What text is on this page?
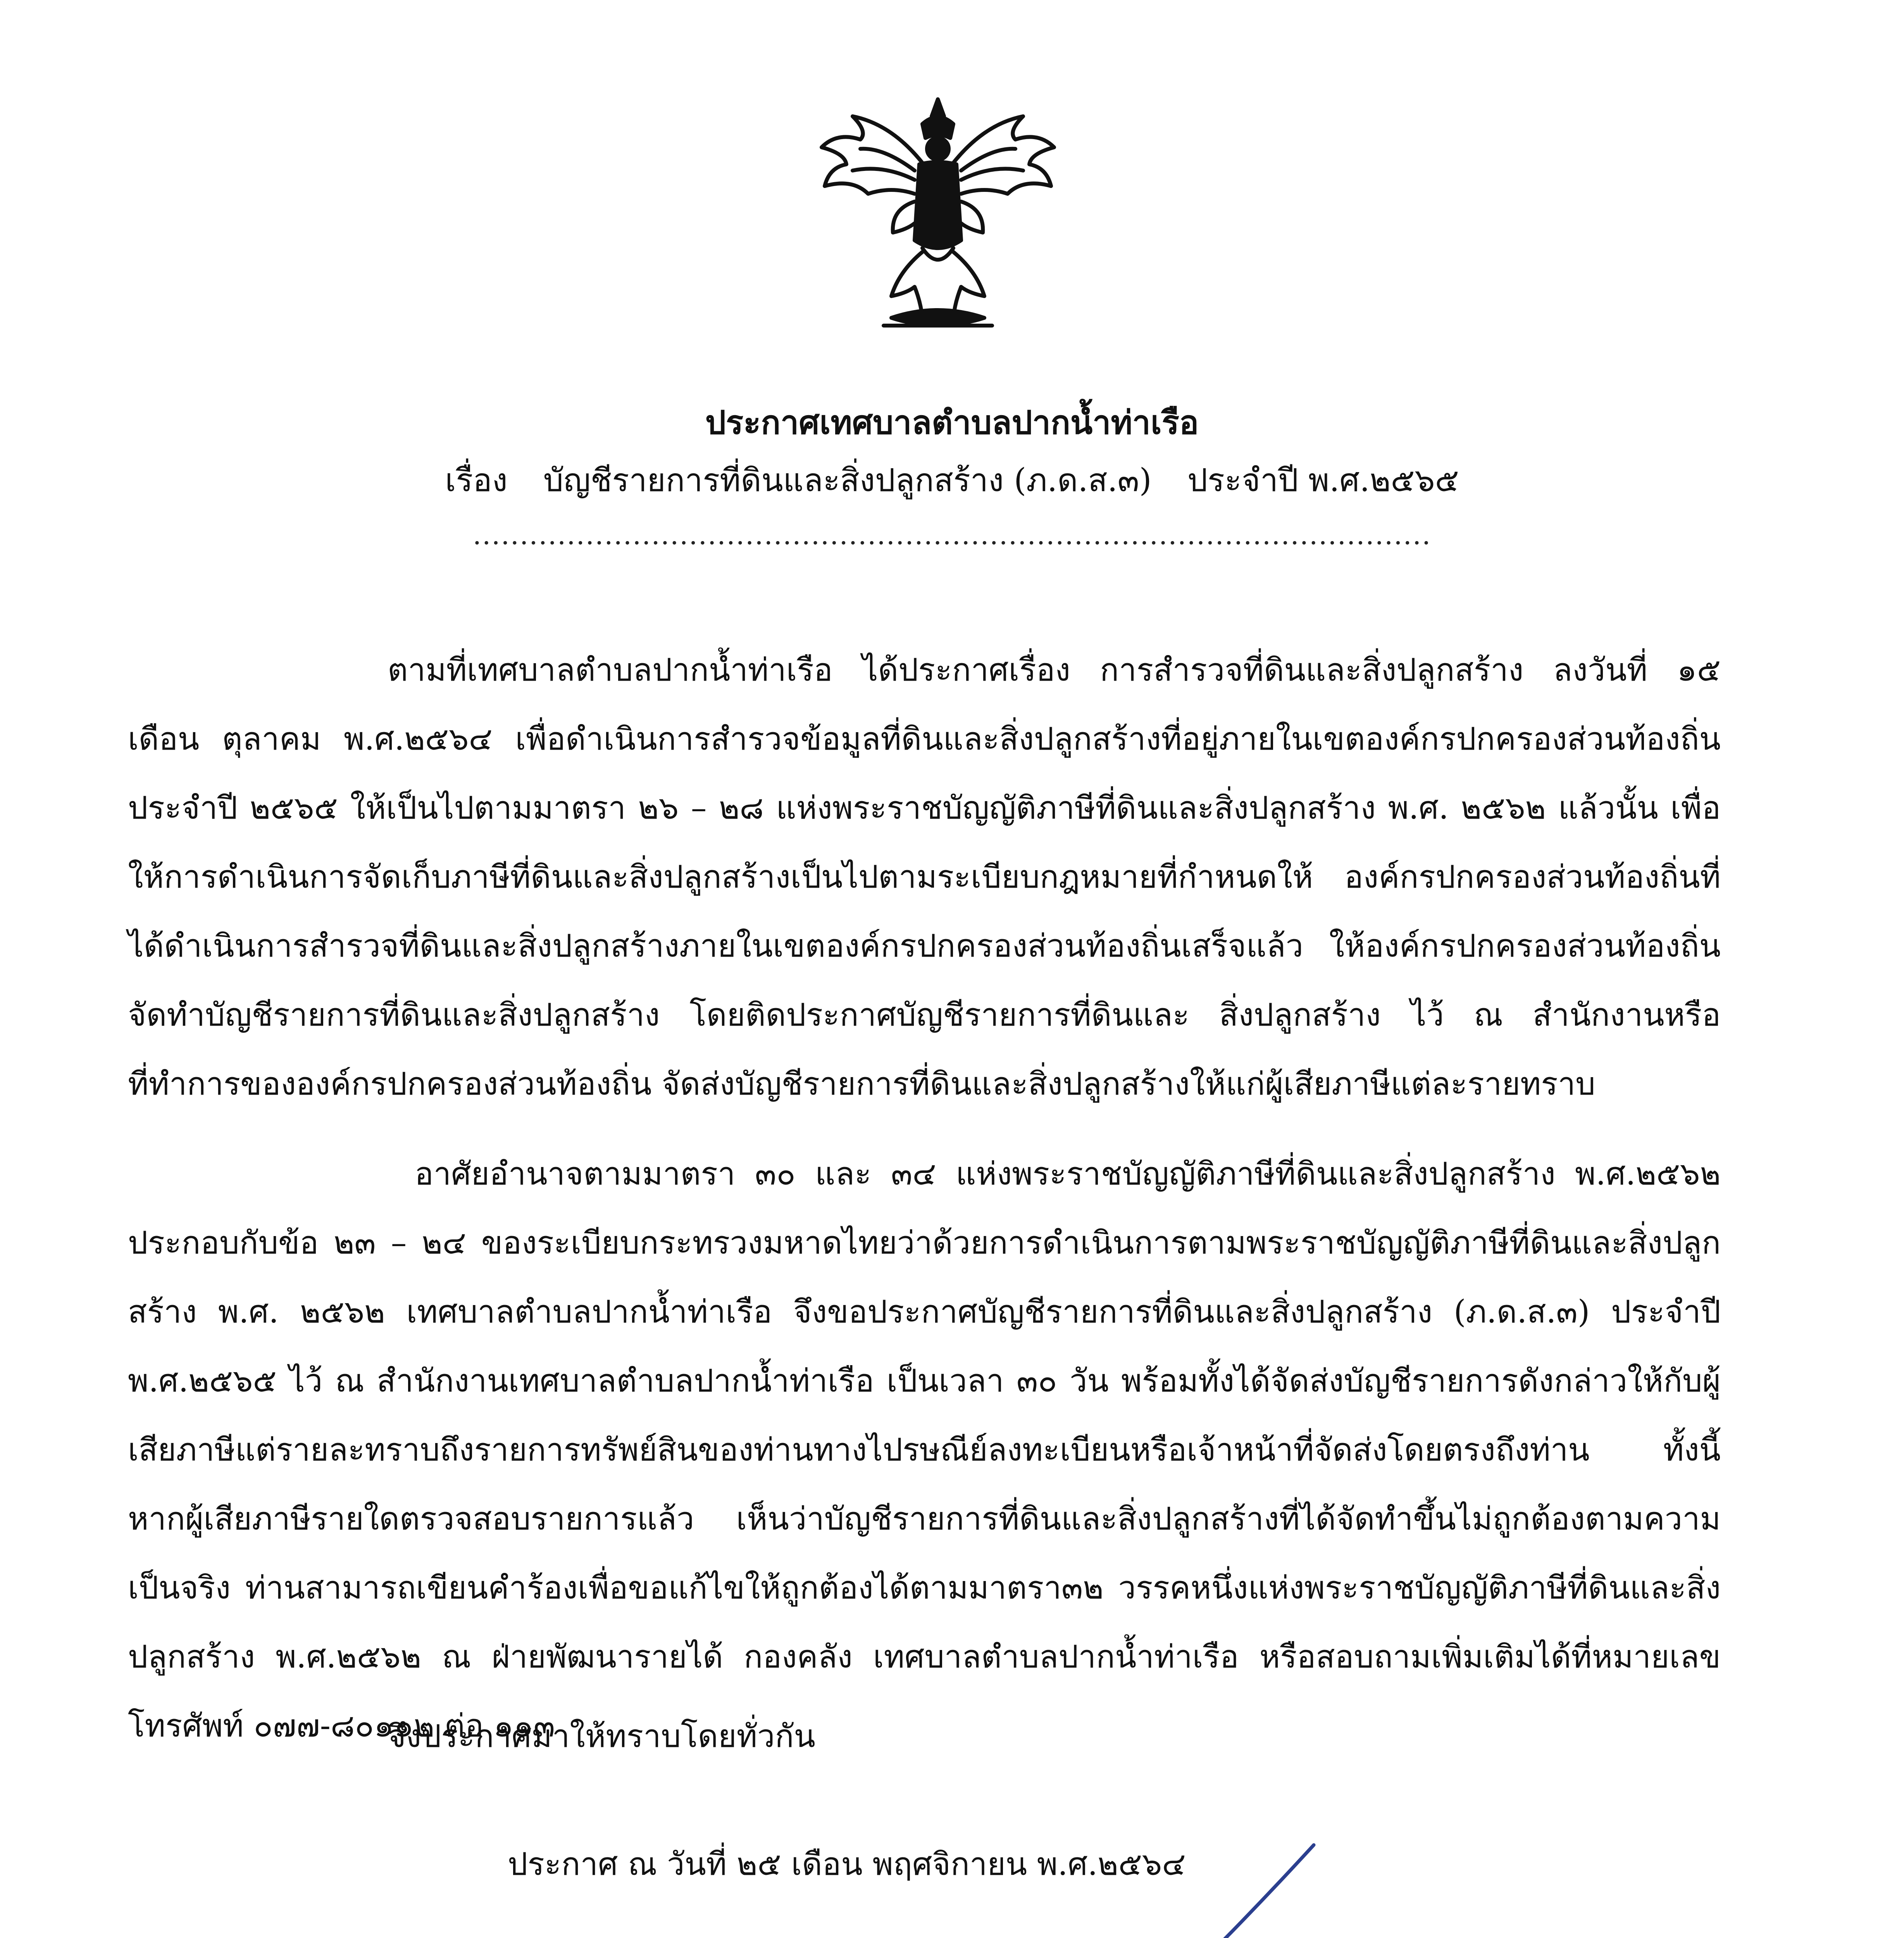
ประกาศเทศบาลตำบลปากน้ำท่าเรือ
เรื่อง บัญชีรายการที่ดินและสิ่งปลูกสร้าง (ภ.ด.ส.๓) ประจำปี พ.ศ.๒๕๖๕
......................................................................................................

ตามที่เทศบาลตำบลปากน้ำท่าเรือ ได้ประกาศเรื่อง การสำรวจที่ดินและสิ่งปลูกสร้าง ลงวันที่ ๑๕ เดือน ตุลาคม พ.ศ.๒๕๖๔ เพื่อดำเนินการสำรวจข้อมูลที่ดินและสิ่งปลูกสร้างที่อยู่ภายในเขตองค์กรปกครองส่วนท้องถิ่น ประจำปี ๒๕๖๕ ให้เป็นไปตามมาตรา ๒๖ – ๒๘ แห่งพระราชบัญญัติภาษีที่ดินและสิ่งปลูกสร้าง พ.ศ. ๒๕๖๒ แล้วนั้น เพื่อให้การดำเนินการจัดเก็บภาษีที่ดินและสิ่งปลูกสร้างเป็นไปตามระเบียบกฎหมายที่กำหนดให้ องค์กรปกครองส่วนท้องถิ่นที่ได้ดำเนินการสำรวจที่ดินและสิ่งปลูกสร้างภายในเขตองค์กรปกครองส่วนท้องถิ่นเสร็จแล้ว ให้องค์กรปกครองส่วนท้องถิ่นจัดทำบัญชีรายการที่ดินและสิ่งปลูกสร้าง โดยติดประกาศบัญชีรายการที่ดินและ สิ่งปลูกสร้าง ไว้ ณ สำนักงานหรือที่ทำการขององค์กรปกครองส่วนท้องถิ่น จัดส่งบัญชีรายการที่ดินและสิ่งปลูกสร้างให้แก่ผู้เสียภาษีแต่ละรายทราบ

อาศัยอำนาจตามมาตรา ๓๐ และ ๓๔ แห่งพระราชบัญญัติภาษีที่ดินและสิ่งปลูกสร้าง พ.ศ.๒๕๖๒ ประกอบกับข้อ ๒๓ – ๒๔ ของระเบียบกระทรวงมหาดไทยว่าด้วยการดำเนินการตามพระราชบัญญัติภาษีที่ดินและสิ่งปลูกสร้าง พ.ศ. ๒๕๖๒ เทศบาลตำบลปากน้ำท่าเรือ จึงขอประกาศบัญชีรายการที่ดินและสิ่งปลูกสร้าง (ภ.ด.ส.๓) ประจำปี พ.ศ.๒๕๖๕ ไว้ ณ สำนักงานเทศบาลตำบลปากน้ำท่าเรือ เป็นเวลา ๓๐ วัน พร้อมทั้งได้จัดส่งบัญชีรายการดังกล่าวให้กับผู้เสียภาษีแต่รายละทราบถึงรายการทรัพย์สินของท่านทางไปรษณีย์ลงทะเบียนหรือเจ้าหน้าที่จัดส่งโดยตรงถึงท่าน ทั้งนี้ หากผู้เสียภาษีรายใดตรวจสอบรายการแล้ว เห็นว่าบัญชีรายการที่ดินและสิ่งปลูกสร้างที่ได้จัดทำขึ้นไม่ถูกต้องตามความเป็นจริง ท่านสามารถเขียนคำร้องเพื่อขอแก้ไขให้ถูกต้องได้ตามมาตรา๓๒ วรรคหนึ่งแห่งพระราชบัญญัติภาษีที่ดินและสิ่งปลูกสร้าง พ.ศ.๒๕๖๒ ณ ฝ่ายพัฒนารายได้ กองคลัง เทศบาลตำบลปากน้ำท่าเรือ หรือสอบถามเพิ่มเติมได้ที่หมายเลขโทรศัพท์ ๐๗๗-๘๐๑๑๒ ต่อ ๑๑๓

จึงประกาศมาให้ทราบโดยทั่วกัน
ประกาศ ณ วันที่ ๒๕ เดือน พฤศจิกายน พ.ศ.๒๕๖๔
